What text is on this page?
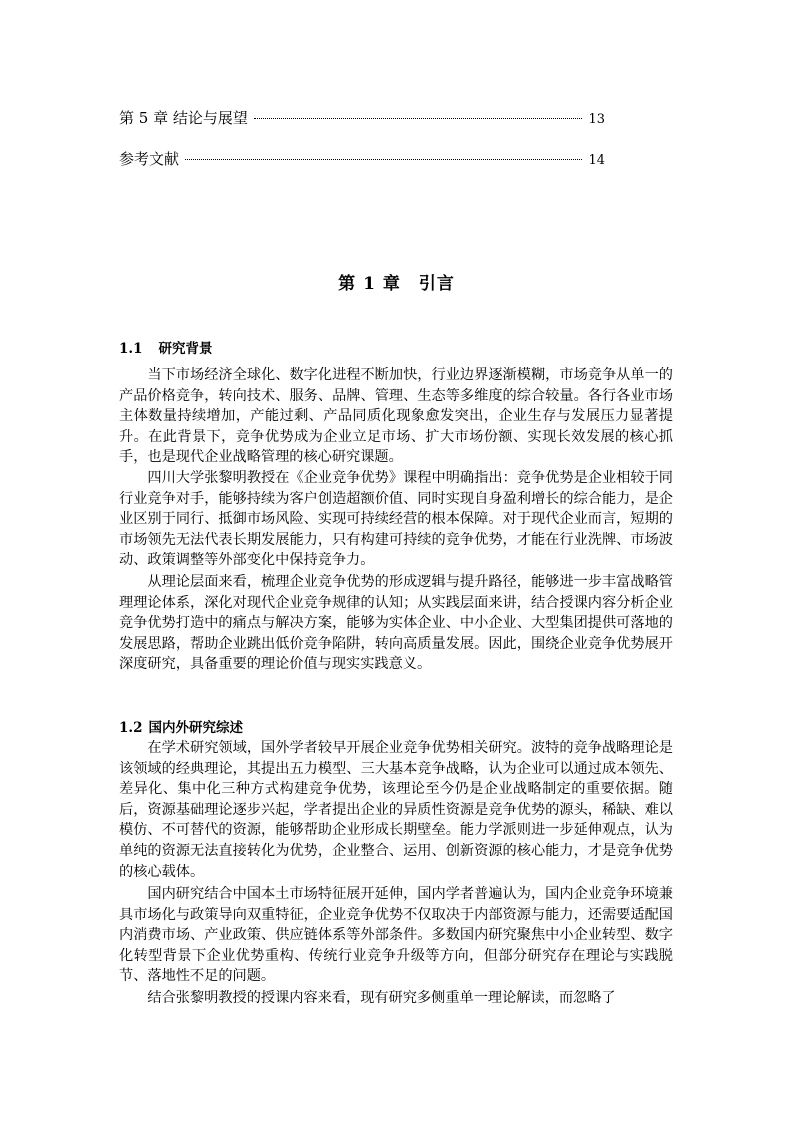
第 5 章 结论与展望	13
参考文献	14
第 1 章 引言
1.1 研究背景

当下市场经济全球化、数字化进程不断加快，行业边界逐渐模糊，市场竞争从单一的产品价格竞争，转向技术、服务、品牌、管理、生态等多维度的综合较量。各行各业市场主体数量持续增加，产能过剩、产品同质化现象愈发突出，企业生存与发展压力显著提升。在此背景下，竞争优势成为企业立足市场、扩大市场份额、实现长效发展的核心抓手，也是现代企业战略管理的核心研究课题。

四川大学张黎明教授在《企业竞争优势》课程中明确指出：竞争优势是企业相较于同行业竞争对手，能够持续为客户创造超额价值、同时实现自身盈利增长的综合能力，是企业区别于同行、抵御市场风险、实现可持续经营的根本保障。对于现代企业而言，短期的市场领先无法代表长期发展能力，只有构建可持续的竞争优势，才能在行业洗牌、市场波动、政策调整等外部变化中保持竞争力。

从理论层面来看，梳理企业竞争优势的形成逻辑与提升路径，能够进一步丰富战略管理理论体系，深化对现代企业竞争规律的认知；从实践层面来讲，结合授课内容分析企业竞争优势打造中的痛点与解决方案，能够为实体企业、中小企业、大型集团提供可落地的发展思路，帮助企业跳出低价竞争陷阱，转向高质量发展。因此，围绕企业竞争优势展开深度研究，具备重要的理论价值与现实实践意义。

1.2 国内外研究综述

在学术研究领域，国外学者较早开展企业竞争优势相关研究。波特的竞争战略理论是该领域的经典理论，其提出五力模型、三大基本竞争战略，认为企业可以通过成本领先、差异化、集中化三种方式构建竞争优势，该理论至今仍是企业战略制定的重要依据。随后，资源基础理论逐步兴起，学者提出企业的异质性资源是竞争优势的源头，稀缺、难以模仿、不可替代的资源，能够帮助企业形成长期壁垒。能力学派则进一步延伸观点，认为单纯的资源无法直接转化为优势，企业整合、运用、创新资源的核心能力，才是竞争优势的核心载体。

国内研究结合中国本土市场特征展开延伸，国内学者普遍认为，国内企业竞争环境兼具市场化与政策导向双重特征，企业竞争优势不仅取决于内部资源与能力，还需要适配国内消费市场、产业政策、供应链体系等外部条件。多数国内研究聚焦中小企业转型、数字化转型背景下企业优势重构、传统行业竞争升级等方向，但部分研究存在理论与实践脱节、落地性不足的问题。

结合张黎明教授的授课内容来看，现有研究多侧重单一理论解读，而忽略了
